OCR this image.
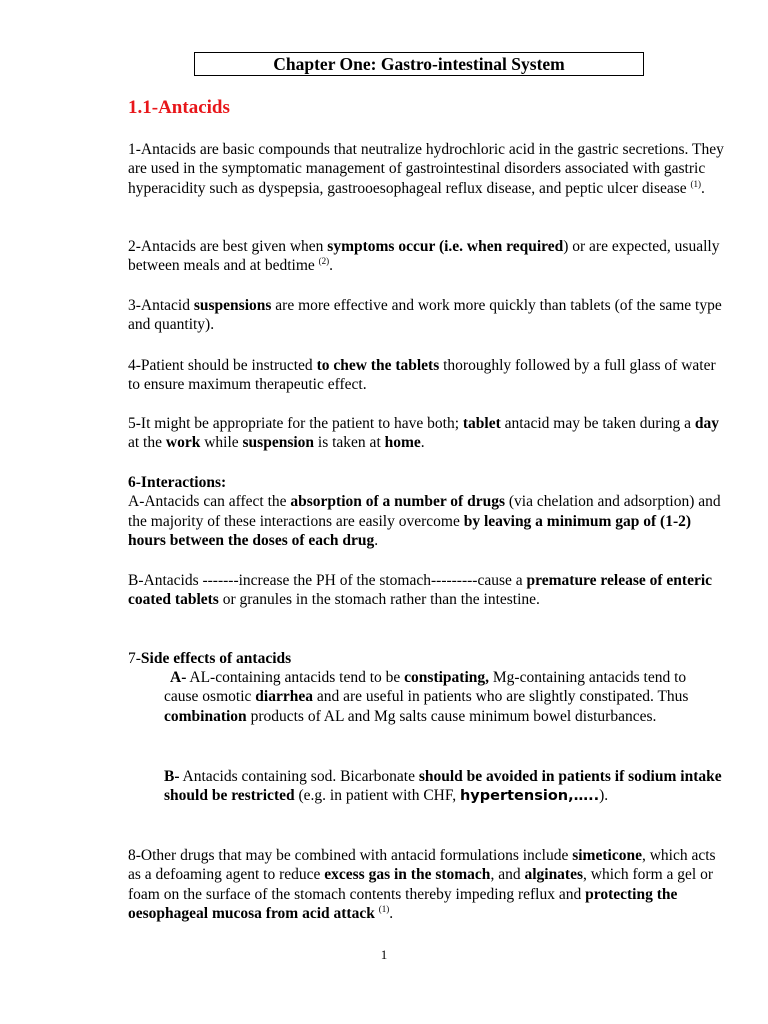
Chapter One: Gastro-intestinal System
1.1-Antacids

1-Antacids are basic compounds that neutralize hydrochloric acid in the gastric secretions. They are used in the symptomatic management of gastrointestinal disorders associated with gastric hyperacidity such as dyspepsia, gastrooesophageal reflux disease, and peptic ulcer disease $^{(1)}$.

2-Antacids are best given when symptoms occur (i.e. when required) or are expected, usually between meals and at bedtime $^{(2)}$.

3-Antacid suspensions are more effective and work more quickly than tablets (of the same type and quantity).

4-Patient should be instructed to chew the tablets thoroughly followed by a full glass of water to ensure maximum therapeutic effect.

5-It might be appropriate for the patient to have both; tablet antacid may be taken during a day at the work while suspension is taken at home.

6-Interactions:
A-Antacids can affect the absorption of a number of drugs (via chelation and adsorption) and the majority of these interactions are easily overcome by leaving a minimum gap of (1-2) hours between the doses of each drug.

B-Antacids -------increase the PH of the stomach---------cause a premature release of enteric coated tablets or granules in the stomach rather than the intestine.

7-Side effects of antacids

A- AL-containing antacids tend to be constipating, Mg-containing antacids tend to cause osmotic diarrhea and are useful in patients who are slightly constipated. Thus combination products of AL and Mg salts cause minimum bowel disturbances.

B- Antacids containing sod. Bicarbonate should be avoided in patients if sodium intake should be restricted (e.g. in patient with CHF, hypertension,…..).

8-Other drugs that may be combined with antacid formulations include simeticone, which acts as a defoaming agent to reduce excess gas in the stomach, and alginates, which form a gel or foam on the surface of the stomach contents thereby impeding reflux and protecting the oesophageal mucosa from acid attack $^{(1)}$.

1
